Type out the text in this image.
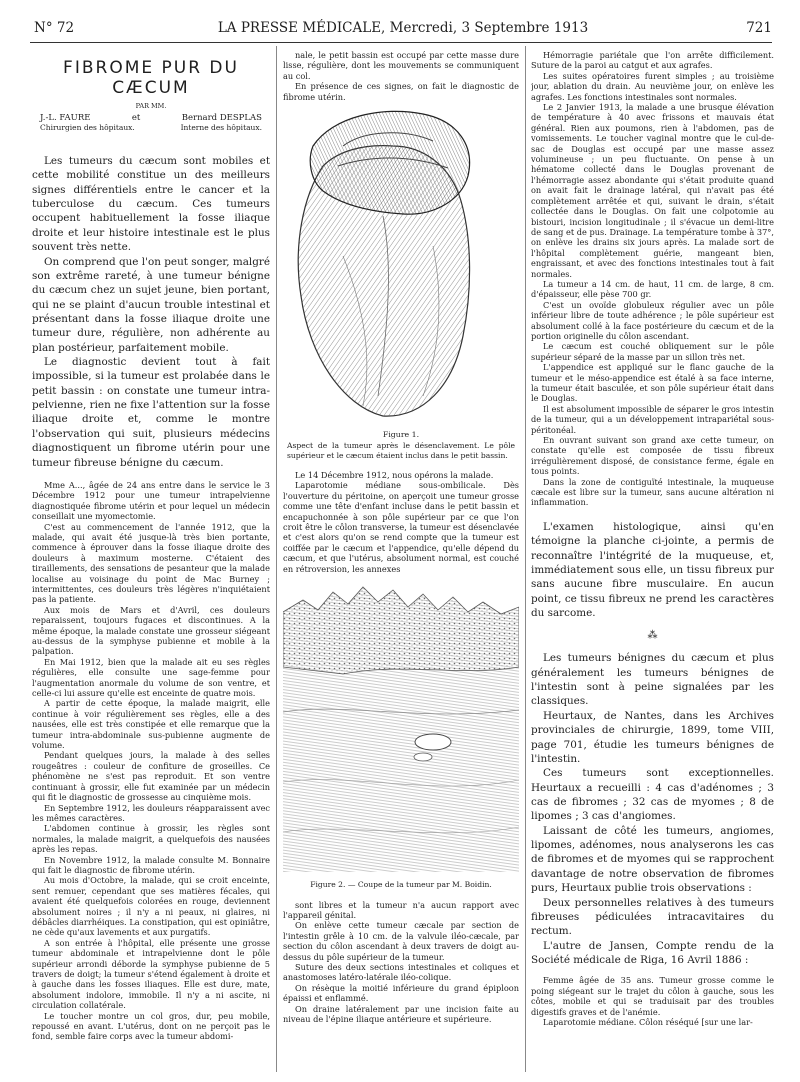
N° 72	LA PRESSE MÉDICALE, Mercredi, 3 Septembre 1913	721
FIBROME PUR DU CÆCUM
PAR MM.
J.-L. FAURE	et	Bernard DESPLAS
Chirurgien des hôpitaux.	Interne des hôpitaux.

Les tumeurs du cæcum sont mobiles et cette mobilité constitue un des meilleurs signes différentiels entre le cancer et la tuberculose du cæcum. Ces tumeurs occupent habituellement la fosse iliaque droite et leur histoire intestinale est le plus souvent très nette.

On comprend que l'on peut songer, malgré son extrême rareté, à une tumeur bénigne du cæcum chez un sujet jeune, bien portant, qui ne se plaint d'aucun trouble intestinal et présentant dans la fosse iliaque droite une tumeur dure, régulière, non adhérente au plan postérieur, parfaitement mobile.

Le diagnostic devient tout à fait impossible, si la tumeur est prolabée dans le petit bassin : on constate une tumeur intra-pelvienne, rien ne fixe l'attention sur la fosse iliaque droite et, comme le montre l'observation qui suit, plusieurs médecins diagnostiquent un fibrome utérin pour une tumeur fibreuse bénigne du cæcum.

Mme A..., âgée de 24 ans entre dans le service le 3 Décembre 1912 pour une tumeur intrapelvienne diagnostiquée fibrome utérin et pour lequel un médecin conseillait une myomectomie.

C'est au commencement de l'année 1912, que la malade, qui avait été jusque-là très bien portante, commence à éprouver dans la fosse iliaque droite des douleurs à maximum mosterne. C'étaient des tiraillements, des sensations de pesanteur que la malade localise au voisinage du point de Mac Burney ; intermittentes, ces douleurs très légères n'inquiétaient pas la patiente.

Aux mois de Mars et d'Avril, ces douleurs reparaissent, toujours fugaces et discontinues. A la même époque, la malade constate une grosseur siégeant au-dessus de la symphyse pubienne et mobile à la palpation.

En Mai 1912, bien que la malade ait eu ses règles régulières, elle consulte une sage-femme pour l'augmentation anormale du volume de son ventre, et celle-ci lui assure qu'elle est enceinte de quatre mois.

A partir de cette époque, la malade maigrit, elle continue à voir régulièrement ses règles, elle a des nausées, elle est très constipée et elle remarque que la tumeur intra-abdominale sus-pubienne augmente de volume.

Pendant quelques jours, la malade à des selles rougeâtres : couleur de confiture de groseilles. Ce phénomène ne s'est pas reproduit. Et son ventre continuant à grossir, elle fut examinée par un médecin qui fit le diagnostic de grossesse au cinquième mois.

En Septembre 1912, les douleurs réapparaissent avec les mêmes caractères.

L'abdomen continue à grossir, les règles sont normales, la malade maigrit, a quelquefois des nausées après les repas.

En Novembre 1912, la malade consulte M. Bonnaire qui fait le diagnostic de fibrome utérin.

Au mois d'Octobre, la malade, qui se croit enceinte, sent remuer, cependant que ses matières fécales, qui avaient été quelquefois colorées en rouge, deviennent absolument noires ; il n'y a ni peaux, ni glaires, ni débâcles diarrhéiques. La constipation, qui est opiniâtre, ne cède qu'aux lavements et aux purgatifs.

A son entrée à l'hôpital, elle présente une grosse tumeur abdominale et intrapelvienne dont le pôle supérieur arrondi déborde la symphyse pubienne de 5 travers de doigt; la tumeur s'étend également à droite et à gauche dans les fosses iliaques. Elle est dure, mate, absolument indolore, immobile. Il n'y a ni ascite, ni circulation collatérale.

Le toucher montre un col gros, dur, peu mobile, repoussé en avant. L'utérus, dont on ne perçoit pas le fond, semble faire corps avec la tumeur abdomi-

nale, le petit bassin est occupé par cette masse dure lisse, régulière, dont les mouvements se communiquent au col.

En présence de ces signes, on fait le diagnostic de fibrome utérin.

Figure 1.
Aspect de la tumeur après le désenclavement. Le pôle supérieur et le cæcum étaient inclus dans le petit bassin.

Le 14 Décembre 1912, nous opérons la malade.

Laparotomie médiane sous-ombilicale. Dès l'ouverture du péritoine, on aperçoit une tumeur grosse comme une tête d'enfant incluse dans le petit bassin et encapuchonnée à son pôle supérieur par ce que l'on croit être le côlon transverse, la tumeur est désenclavée et c'est alors qu'on se rend compte que la tumeur est coiffée par le cæcum et l'appendice, qu'elle dépend du cæcum, et que l'utérus, absolument normal, est couché en rétroversion, les annexes

Figure 2. — Coupe de la tumeur par M. Boidin.

sont libres et la tumeur n'a aucun rapport avec l'appareil génital.

On enlève cette tumeur cæcale par section de l'intestin grêle à 10 cm. de la valvule iléo-cæcale, par section du côlon ascendant à deux travers de doigt au-dessus du pôle supérieur de la tumeur.

Suture des deux sections intestinales et coliques et anastomoses latéro-latérale iléo-colique.

On résèque la moitié inférieure du grand épiploon épaissi et enflammé.

On draine latéralement par une incision faite au niveau de l'épine iliaque antérieure et supérieure.

Hémorragie pariétale que l'on arrête difficilement. Suture de la paroi au catgut et aux agrafes.

Les suites opératoires furent simples ; au troisième jour, ablation du drain. Au neuvième jour, on enlève les agrafes. Les fonctions intestinales sont normales.

Le 2 Janvier 1913, la malade a une brusque élévation de température à 40 avec frissons et mauvais état général. Rien aux poumons, rien à l'abdomen, pas de vomissements. Le toucher vaginal montre que le cul-de-sac de Douglas est occupé par une masse assez volumineuse ; un peu fluctuante. On pense à un hématome collecté dans le Douglas provenant de l'hémorragie assez abondante qui s'était produite quand on avait fait le drainage latéral, qui n'avait pas été complètement arrêtée et qui, suivant le drain, s'était collectée dans le Douglas. On fait une colpotomie au bistouri, incision longitudinale ; il s'évacue un demi-litre de sang et de pus. Drainage. La température tombe à 37°, on enlève les drains six jours après. La malade sort de l'hôpital complètement guérie, mangeant bien, engraissant, et avec des fonctions intestinales tout à fait normales.

La tumeur a 14 cm. de haut, 11 cm. de large, 8 cm. d'épaisseur, elle pèse 700 gr.

C'est un ovoïde globuleux régulier avec un pôle inférieur libre de toute adhérence ; le pôle supérieur est absolument collé à la face postérieure du cæcum et de la portion originelle du côlon ascendant.

Le cæcum est couché obliquement sur le pôle supérieur séparé de la masse par un sillon très net.

L'appendice est appliqué sur le flanc gauche de la tumeur et le méso-appendice est étalé à sa face interne, la tumeur était basculée, et son pôle supérieur était dans le Douglas.

Il est absolument impossible de séparer le gros intestin de la tumeur, qui a un développement intrapariétal sous-péritonéal.

En ouvrant suivant son grand axe cette tumeur, on constate qu'elle est composée de tissu fibreux irrégulièrement disposé, de consistance ferme, égale en tous points.

Dans la zone de contiguïté intestinale, la muqueuse cæcale est libre sur la tumeur, sans aucune altération ni inflammation.

L'examen histologique, ainsi qu'en témoigne la planche ci-jointe, a permis de reconnaître l'intégrité de la muqueuse, et, immédiatement sous elle, un tissu fibreux pur sans aucune fibre musculaire. En aucun point, ce tissu fibreux ne prend les caractères du sarcome.

⁂

Les tumeurs bénignes du cæcum et plus généralement les tumeurs bénignes de l'intestin sont à peine signalées par les classiques.

Heurtaux, de Nantes, dans les Archives provinciales de chirurgie, 1899, tome VIII, page 701, étudie les tumeurs bénignes de l'intestin.

Ces tumeurs sont exceptionnelles. Heurtaux a recueilli : 4 cas d'adénomes ; 3 cas de fibromes ; 32 cas de myomes ; 8 de lipomes ; 3 cas d'angiomes.

Laissant de côté les tumeurs, angiomes, lipomes, adénomes, nous analyserons les cas de fibromes et de myomes qui se rapprochent davantage de notre observation de fibromes purs, Heurtaux publie trois observations :

Deux personnelles relatives à des tumeurs fibreuses pédiculées intracavitaires du rectum.

L'autre de Jansen, Compte rendu de la Société médicale de Riga, 16 Avril 1886 :

Femme âgée de 35 ans. Tumeur grosse comme le poing siégeant sur le trajet du côlon à gauche, sous les côtes, mobile et qui se traduisait par des troubles digestifs graves et de l'anémie.

Laparotomie médiane. Côlon réséqué [sur une lar-
